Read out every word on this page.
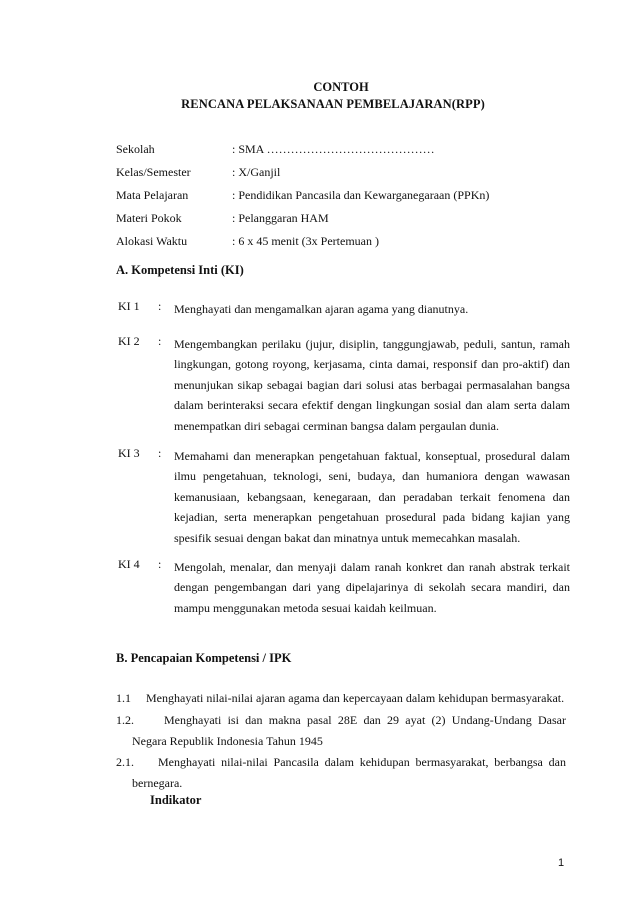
CONTOH
RENCANA PELAKSANAAN PEMBELAJARAN(RPP)
Sekolah	: SMA ……………………………………
Kelas/Semester	: X/Ganjil
Mata Pelajaran	: Pendidikan Pancasila dan Kewarganegaraan (PPKn)
Materi Pokok	: Pelanggaran HAM
Alokasi Waktu	: 6 x 45 menit (3x Pertemuan )
A. Kompetensi Inti (KI)
KI 1 : Menghayati dan mengamalkan ajaran agama yang dianutnya.
KI 2 : Mengembangkan perilaku (jujur, disiplin, tanggungjawab, peduli, santun, ramah lingkungan, gotong royong, kerjasama, cinta damai, responsif dan pro-aktif) dan menunjukan sikap sebagai bagian dari solusi atas berbagai permasalahan bangsa dalam berinteraksi secara efektif dengan lingkungan sosial dan alam serta dalam menempatkan diri sebagai cerminan bangsa dalam pergaulan dunia.
KI 3 : Memahami dan menerapkan pengetahuan faktual, konseptual, prosedural dalam ilmu pengetahuan, teknologi, seni, budaya, dan humaniora dengan wawasan kemanusiaan, kebangsaan, kenegaraan, dan peradaban terkait fenomena dan kejadian, serta menerapkan pengetahuan prosedural pada bidang kajian yang spesifik sesuai dengan bakat dan minatnya untuk memecahkan masalah.
KI 4 : Mengolah, menalar, dan menyaji dalam ranah konkret dan ranah abstrak terkait dengan pengembangan dari yang dipelajarinya di sekolah secara mandiri, dan mampu menggunakan metoda sesuai kaidah keilmuan.
B. Pencapaian Kompetensi / IPK
1.1	Menghayati nilai-nilai ajaran agama dan kepercayaan dalam kehidupan bermasyarakat.
1.2.	Menghayati isi dan makna pasal 28E dan 29 ayat (2) Undang-Undang Dasar Negara Republik Indonesia Tahun 1945
2.1.	Menghayati nilai-nilai Pancasila dalam kehidupan bermasyarakat, berbangsa dan bernegara.
Indikator
1
